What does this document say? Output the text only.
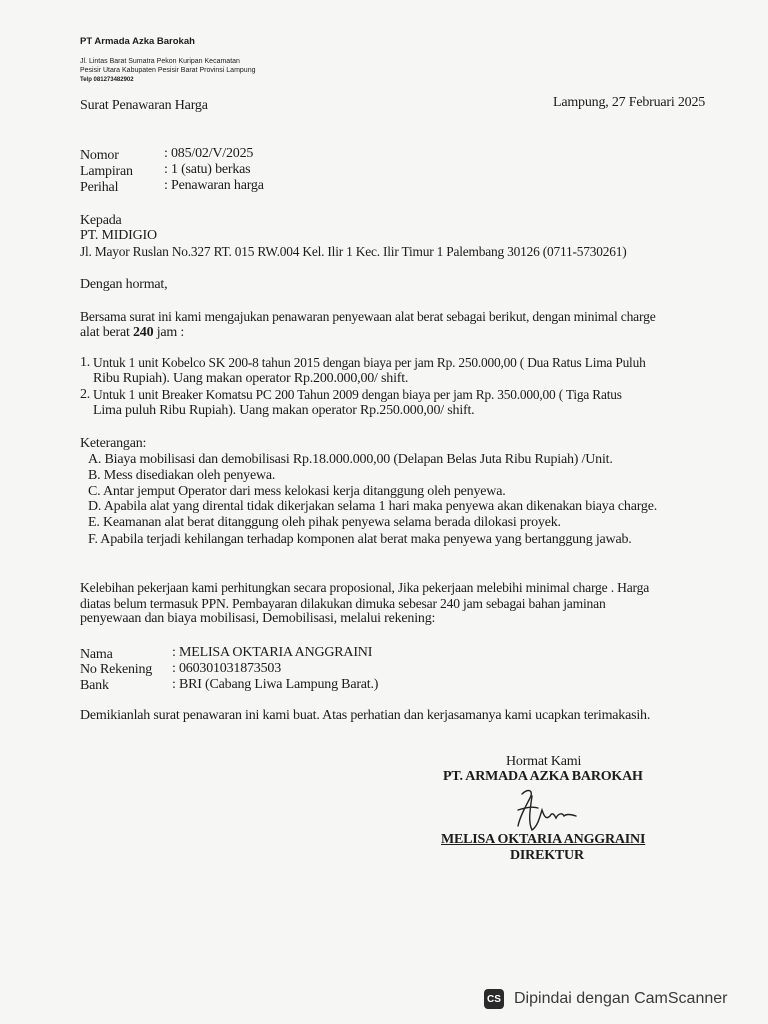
PT Armada Azka Barokah
Jl. Lintas Barat Sumatra Pekon Kuripan Kecamatan
Pesisir Utara Kabupaten Pesisir Barat Provinsi Lampung
Telp 081273482902
Surat Penawaran Harga	Lampung, 27 Februari 2025
Nomor	: 085/02/V/2025
Lampiran : 1 (satu) berkas
Perihal	: Penawaran harga
Kepada
PT. MIDIGIO
Jl. Mayor Ruslan No.327 RT. 015 RW.004 Kel. Ilir 1 Kec. Ilir Timur 1 Palembang 30126 (0711-5730261)
Dengan hormat,
Bersama surat ini kami mengajukan penawaran penyewaan alat berat sebagai berikut, dengan minimal charge
alat berat 240 jam :
1. Untuk 1 unit Kobelco SK 200-8 tahun 2015 dengan biaya per jam Rp. 250.000,00 ( Dua Ratus Lima Puluh
Ribu Rupiah). Uang makan operator Rp.200.000,00/ shift.
2. Untuk 1 unit Breaker Komatsu PC 200 Tahun 2009 dengan biaya per jam Rp. 350.000,00 ( Tiga Ratus
Lima puluh Ribu Rupiah). Uang makan operator Rp.250.000,00/ shift.
Keterangan:
A. Biaya mobilisasi dan demobilisasi Rp.18.000.000,00 (Delapan Belas Juta Ribu Rupiah) /Unit.
B. Mess disediakan oleh penyewa.
C. Antar jemput Operator dari mess kelokasi kerja ditanggung oleh penyewa.
D. Apabila alat yang dirental tidak dikerjakan selama 1 hari maka penyewa akan dikenakan biaya charge.
E. Keamanan alat berat ditanggung oleh pihak penyewa selama berada dilokasi proyek.
F. Apabila terjadi kehilangan terhadap komponen alat berat maka penyewa yang bertanggung jawab.
Kelebihan pekerjaan kami perhitungkan secara proposional, Jika pekerjaan melebihi minimal charge . Harga
diatas belum termasuk PPN. Pembayaran dilakukan dimuka sebesar 240 jam sebagai bahan jaminan
penyewaan dan biaya mobilisasi, Demobilisasi, melalui rekening:
Nama	: MELISA OKTARIA ANGGRAINI
No Rekening : 060301031873503
Bank	: BRI (Cabang Liwa Lampung Barat.)
Demikianlah surat penawaran ini kami buat. Atas perhatian dan kerjasamanya kami ucapkan terimakasih.
Hormat Kami
PT. ARMADA AZKA BAROKAH
MELISA OKTARIA ANGGRAINI
DIREKTUR
CS Dipindai dengan CamScanner
